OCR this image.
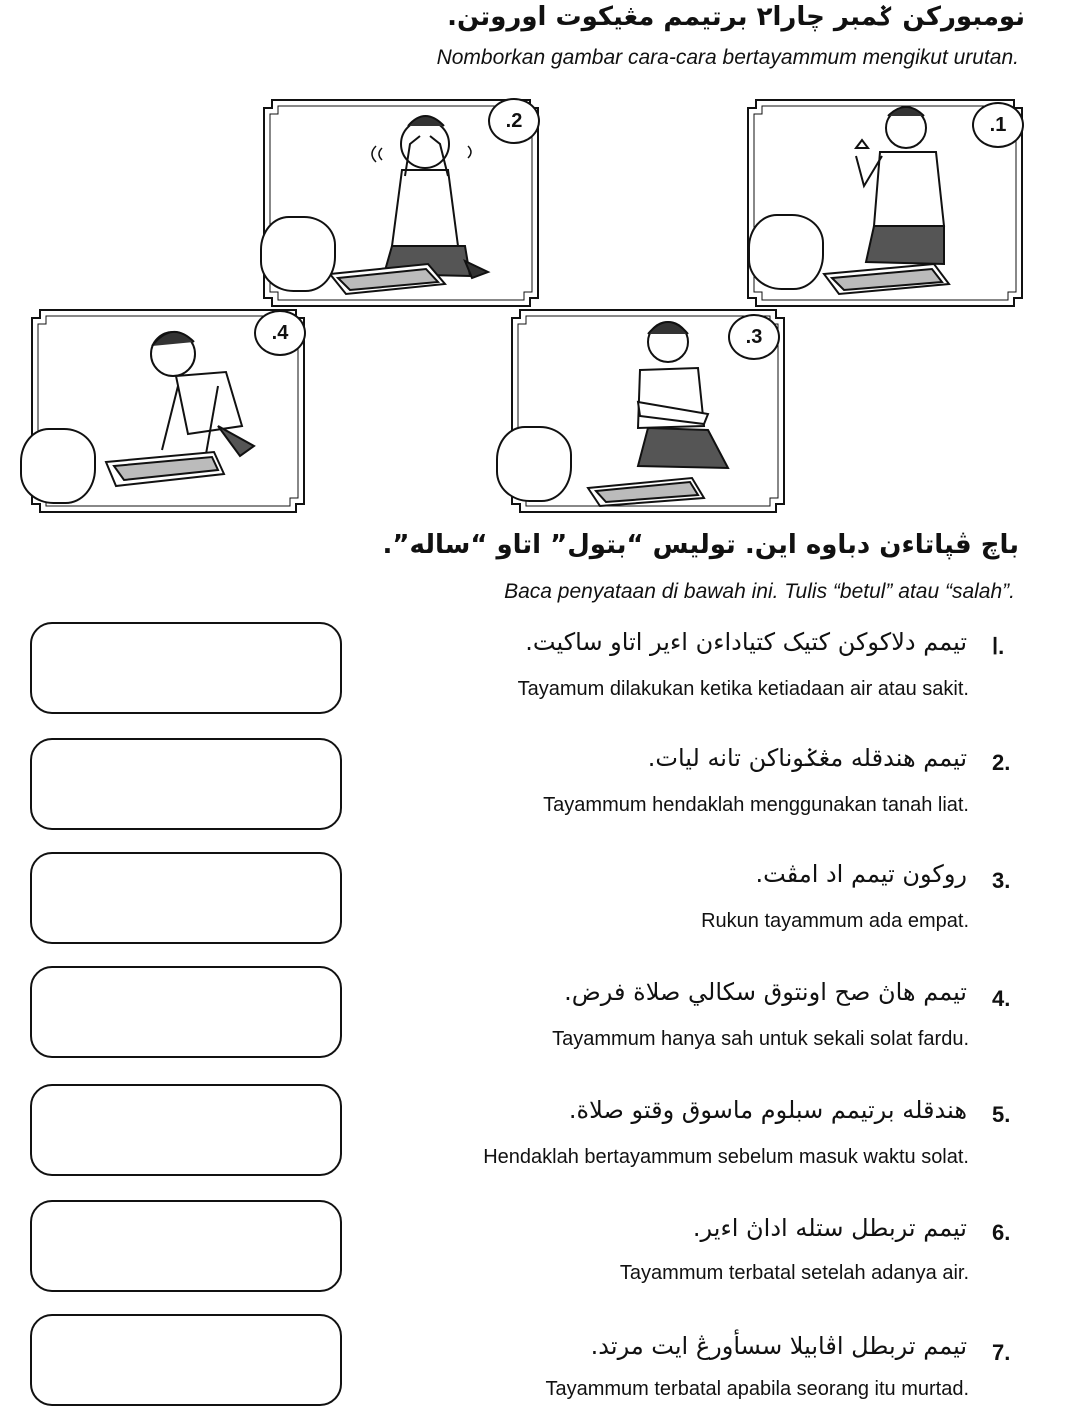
نومبورکن ݢمبر چارا٢ برتيمم مڠيکوت اوروتن.
Nomborkan gambar cara-cara bertayammum mengikut urutan.
.2	.1
.4	.3
باچ ڤڽاتاءن دباوه اين. توليس “بتول” اتاو “ساله”.
Baca penyataan di bawah ini. Tulis “betul” atau “salah”.
ا.
تيمم دلاکوکن کتيک کتياداءن اءير اتاو ساکيت.
Tayamum dilakukan ketika ketiadaan air atau sakit.
2.
تيمم هندقله مڠݢوناکن تانه ليات.
Tayammum hendaklah menggunakan tanah liat.
3.
روکون تيمم اد امڤت.
Rukun tayammum ada empat.
4.
تيمم هاڽ صح اونتوق سکالي صلاة فرض.
Tayammum hanya sah untuk sekali solat fardu.
5.
هندقله برتيمم سبلوم ماسوق وقتو صلاة.
Hendaklah bertayammum sebelum masuk waktu solat.
6.
تيمم تربطل ستله اداڽ اءير.
Tayammum terbatal setelah adanya air.
7.
تيمم تربطل اڤابيلا سسأورڠ ايت مرتد.
Tayammum terbatal apabila seorang itu murtad.
